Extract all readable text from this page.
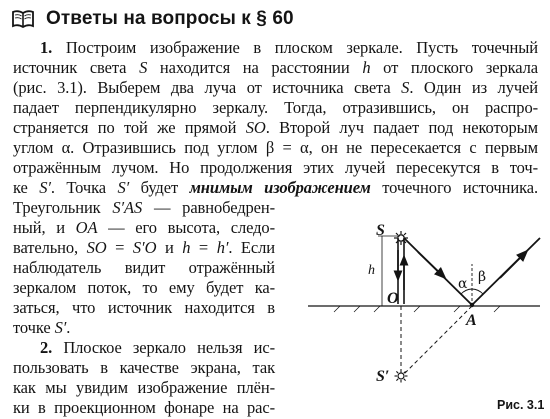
Ответы на вопросы к § 60
1. Построим изображение в плоском зеркале. Пусть точечный
источник света S находится на расстоянии h от плоского зеркала
(рис. 3.1). Выберем два луча от источника света S. Один из лучей
падает перпендикулярно зеркалу. Тогда, отразившись, он распро-
страняется по той же прямой SO. Второй луч падает под некоторым
углом α. Отразившись под углом β = α, он не пересекается с первым
отражённым лучом. Но продолжения этих лучей пересекутся в точ-
ке S′. Точка S′ будет мнимым изображением точечного источника.
Треугольник S′AS — равнобедрен-
ный, и OA — его высота, следо-
вательно, SO = S′O и h = h′. Если
наблюдатель видит отражённый
зеркалом поток, то ему будет ка-
заться, что источник находится в
точке S′.
2. Плоское зеркало нельзя ис-
пользовать в качестве экрана, так
как мы увидим изображение плён-
ки в проекционном фонаре на рас-
S
h
O
A
S′
α β
Рис. 3.1
